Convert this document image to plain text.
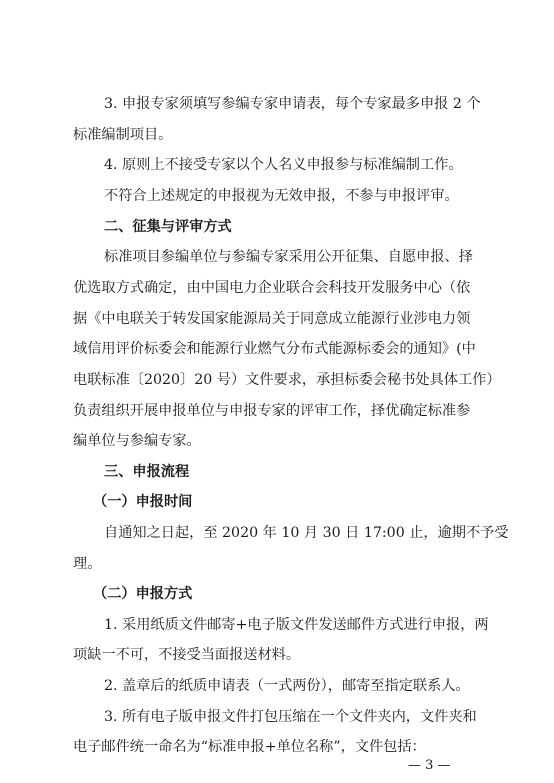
3. 申报专家须填写参编专家申请表，每个专家最多申报 2 个
标准编制项目。
4. 原则上不接受专家以个人名义申报参与标准编制工作。
不符合上述规定的申报视为无效申报，不参与申报评审。
二、征集与评审方式
标准项目参编单位与参编专家采用公开征集、自愿申报、择
优选取方式确定，由中国电力企业联合会科技开发服务中心（依
据《中电联关于转发国家能源局关于同意成立能源行业涉电力领
域信用评价标委会和能源行业燃气分布式能源标委会的通知》(中
电联标准〔2020〕20 号）文件要求，承担标委会秘书处具体工作）
负责组织开展申报单位与申报专家的评审工作，择优确定标准参
编单位与参编专家。
三、申报流程
（一）申报时间
自通知之日起，至 2020 年 10 月 30 日 17:00 止，逾期不予受
理。
（二）申报方式
1. 采用纸质文件邮寄+电子版文件发送邮件方式进行申报，两
项缺一不可，不接受当面报送材料。
2. 盖章后的纸质申请表（一式两份），邮寄至指定联系人。
3. 所有电子版申报文件打包压缩在一个文件夹内，文件夹和
电子邮件统一命名为“标准申报+单位名称”，文件包括：
— 3 —
